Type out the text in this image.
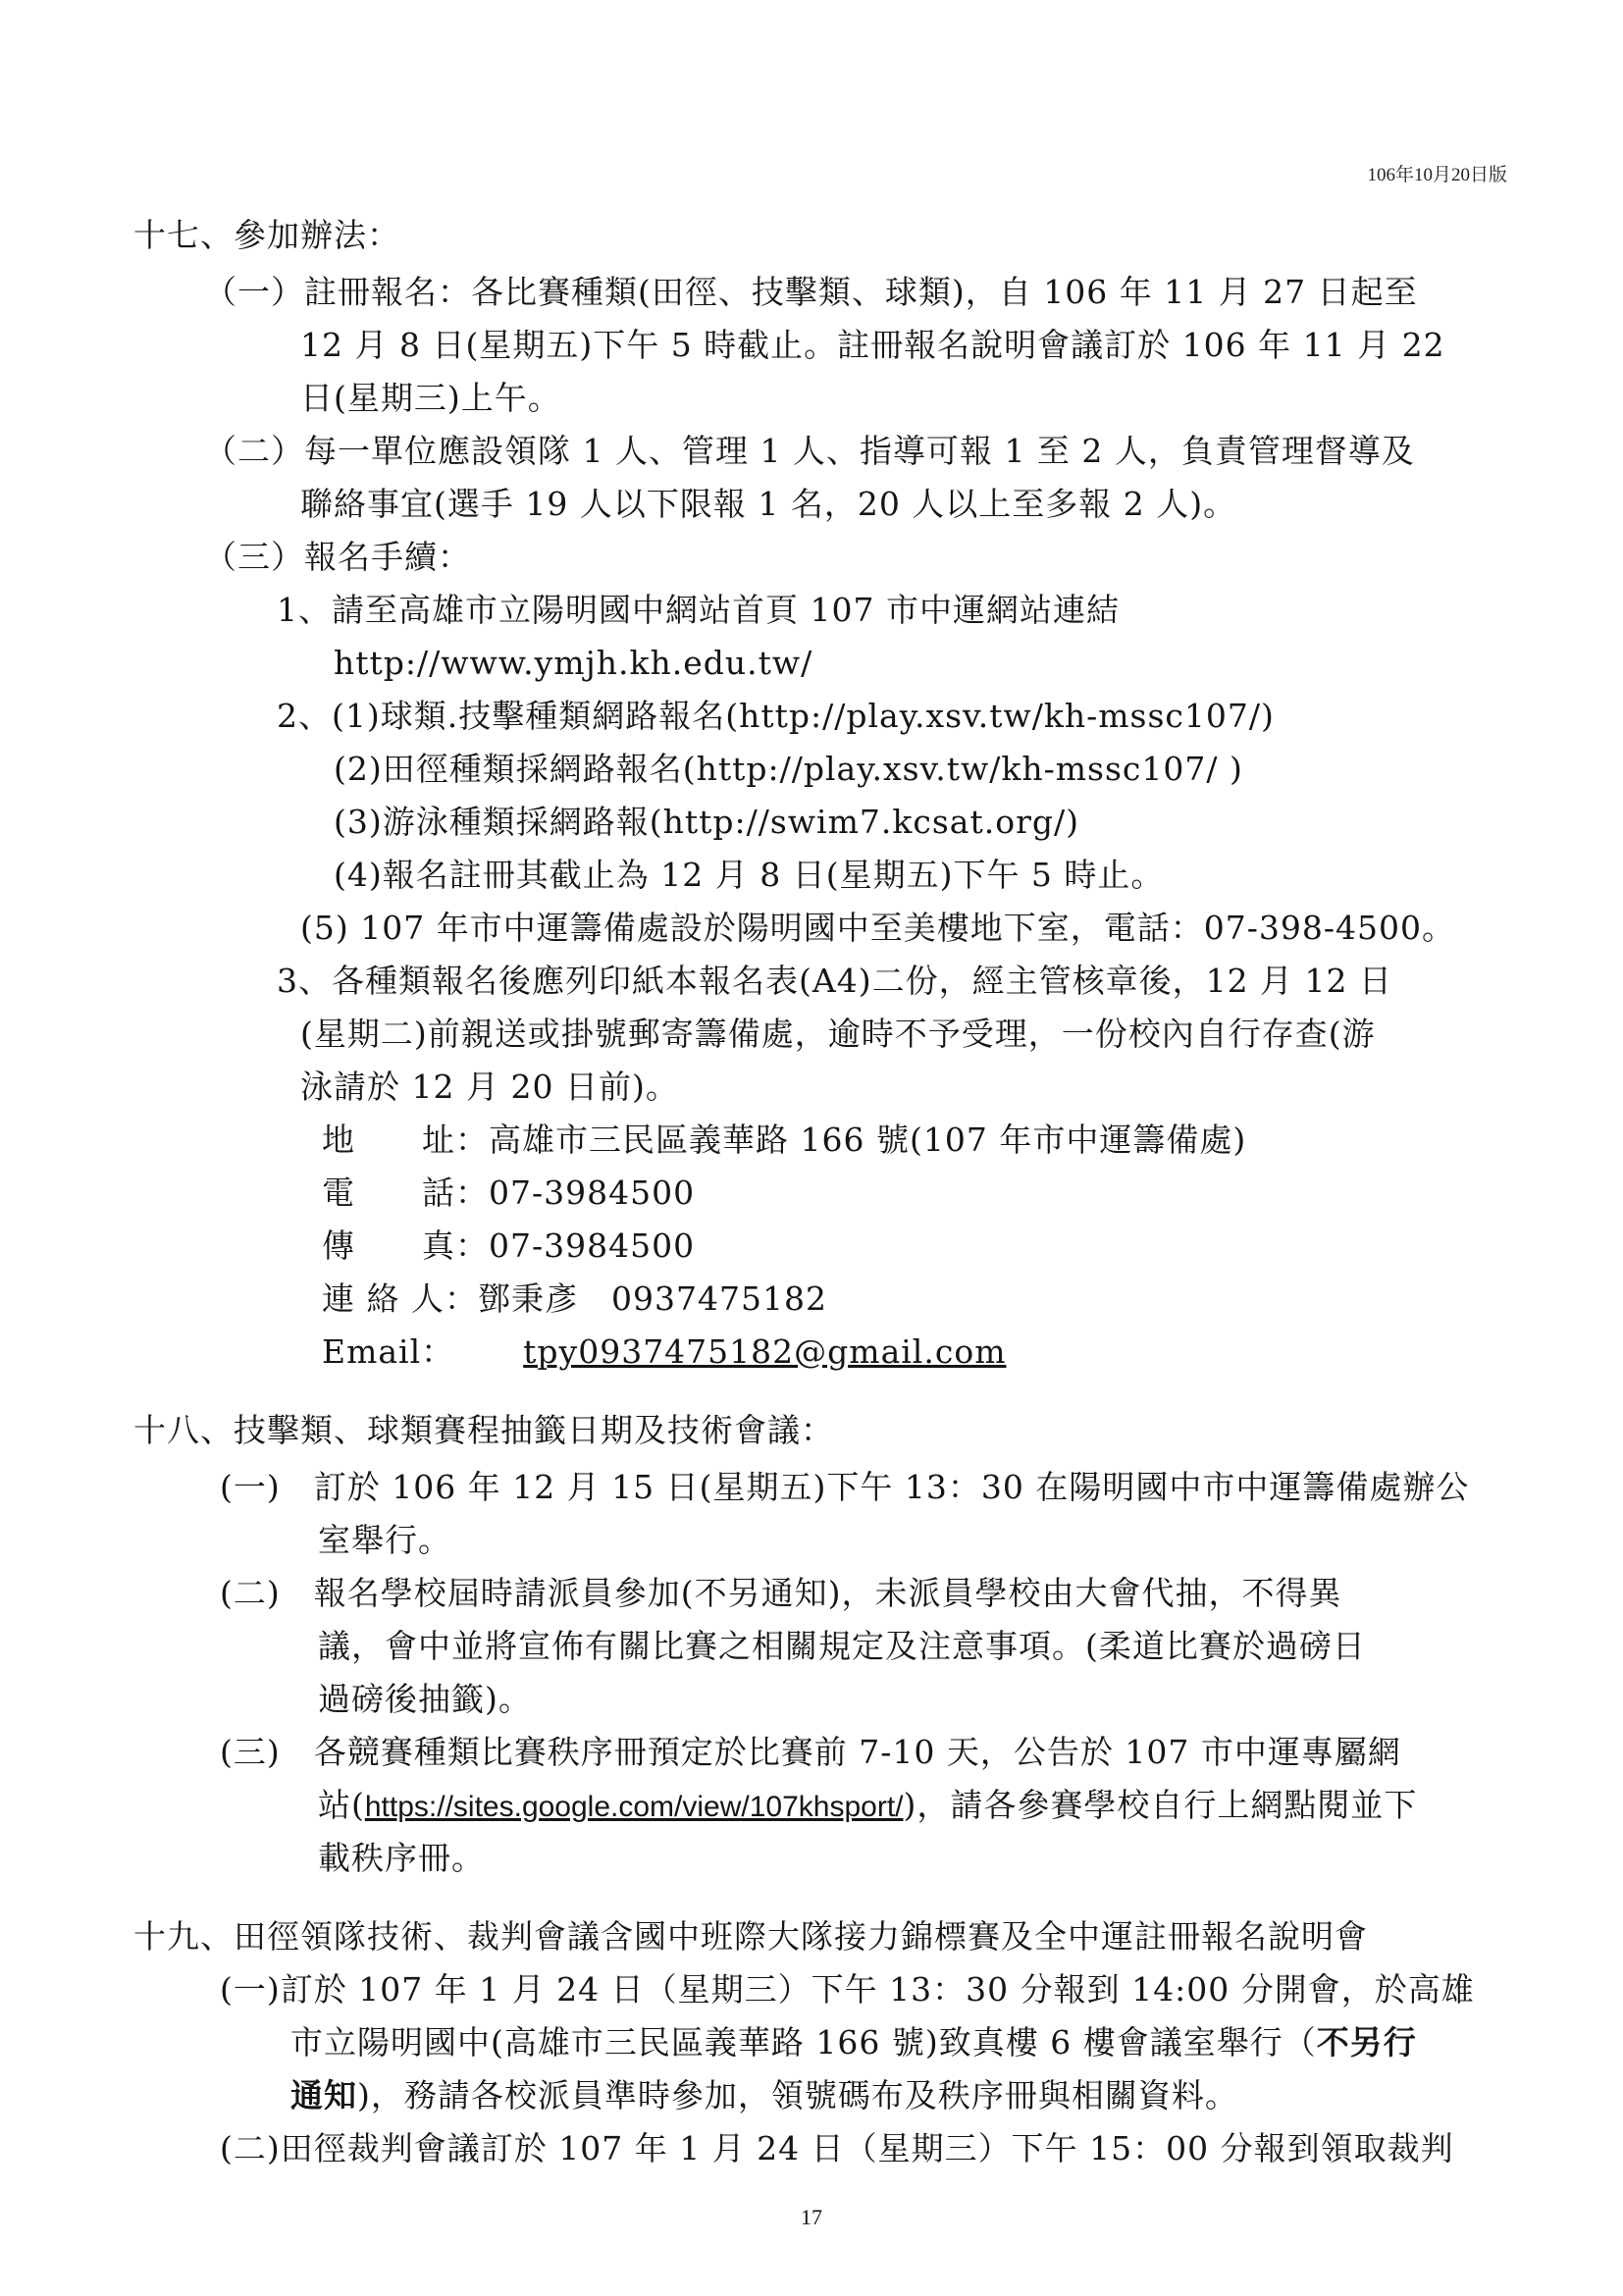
106年10月20日版
十七、參加辦法：
（一）註冊報名：各比賽種類(田徑、技擊類、球類)，自 106 年 11 月 27 日起至
12 月 8 日(星期五)下午 5 時截止。註冊報名說明會議訂於 106 年 11 月 22
日(星期三)上午。
（二）每一單位應設領隊 1 人、管理 1 人、指導可報 1 至 2 人，負責管理督導及
聯絡事宜(選手 19 人以下限報 1 名，20 人以上至多報 2 人)。
（三）報名手續：
1、請至高雄市立陽明國中網站首頁 107 市中運網站連結
http://www.ymjh.kh.edu.tw/
2、(1)球類.技擊種類網路報名(http://play.xsv.tw/kh-mssc107/)
(2)田徑種類採網路報名(http://play.xsv.tw/kh-mssc107/ )
(3)游泳種類採網路報(http://swim7.kcsat.org/)
(4)報名註冊其截止為 12 月 8 日(星期五)下午 5 時止。
(5) 107 年市中運籌備處設於陽明國中至美樓地下室，電話：07-398-4500。
3、各種類報名後應列印紙本報名表(A4)二份，經主管核章後，12 月 12 日
(星期二)前親送或掛號郵寄籌備處，逾時不予受理，一份校內自行存查(游
泳請於 12 月 20 日前)。
地　　址：高雄市三民區義華路 166 號(107 年市中運籌備處)
電　　話：07-3984500
傳　　真：07-3984500
連 絡 人：鄧秉彥　0937475182
Email： tpy0937475182@gmail.com
十八、技擊類、球類賽程抽籤日期及技術會議：
(一)　訂於 106 年 12 月 15 日(星期五)下午 13：30 在陽明國中市中運籌備處辦公
室舉行。
(二)　報名學校屆時請派員參加(不另通知)，未派員學校由大會代抽，不得異
議，會中並將宣佈有關比賽之相關規定及注意事項。(柔道比賽於過磅日
過磅後抽籤)。
(三)　各競賽種類比賽秩序冊預定於比賽前 7-10 天，公告於 107 市中運專屬網
站(https://sites.google.com/view/107khsport/)，請各參賽學校自行上網點閱並下
載秩序冊。
十九、田徑領隊技術、裁判會議含國中班際大隊接力錦標賽及全中運註冊報名說明會
(一)訂於 107 年 1 月 24 日（星期三）下午 13：30 分報到 14:00 分開會，於高雄
市立陽明國中(高雄市三民區義華路 166 號)致真樓 6 樓會議室舉行（不另行
通知)，務請各校派員準時參加，領號碼布及秩序冊與相關資料。
(二)田徑裁判會議訂於 107 年 1 月 24 日（星期三）下午 15：00 分報到領取裁判
17
